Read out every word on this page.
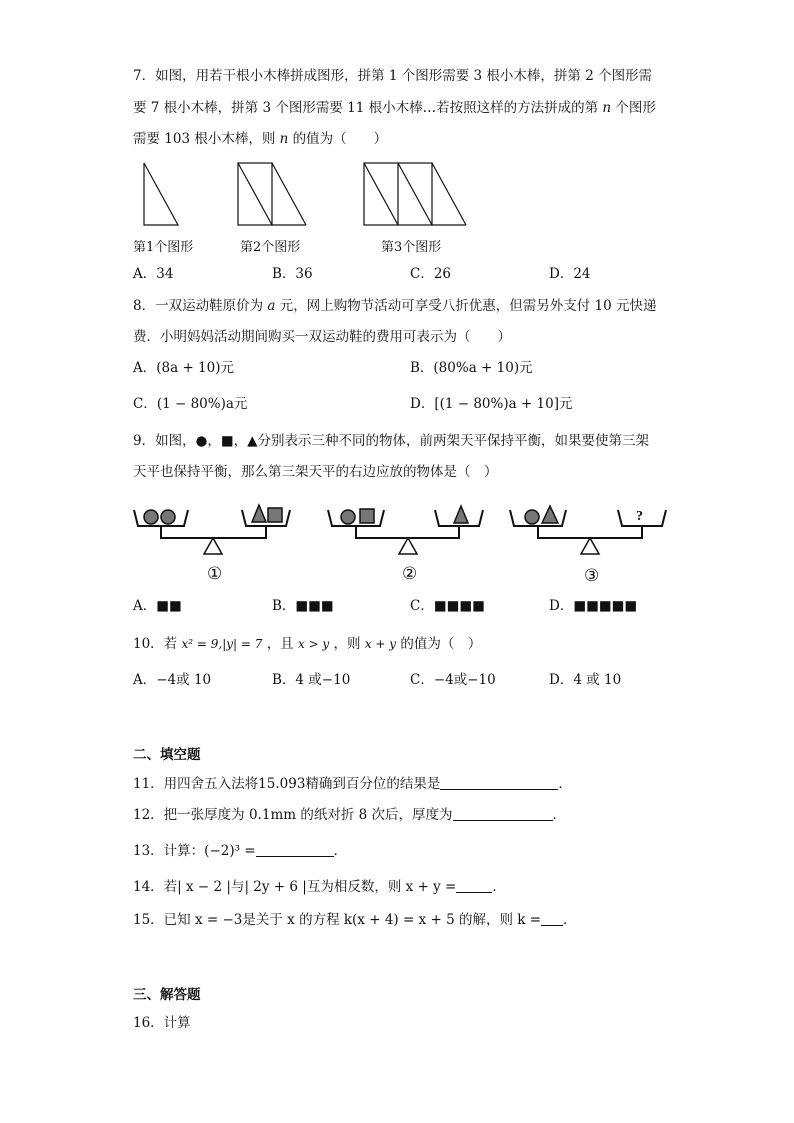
7．如图，用若干根小木棒拼成图形，拼第 1 个图形需要 3 根小木棒，拼第 2 个图形需
要 7 根小木棒，拼第 3 个图形需要 11 根小木棒…若按照这样的方法拼成的第 n 个图形
需要 103 根小木棒，则 n 的值为（　　）
第1个图形	第2个图形	第3个图形
A．34	B．36	C．26	D．24
8．一双运动鞋原价为 a 元，网上购物节活动可享受八折优惠，但需另外支付 10 元快递
费．小明妈妈活动期间购买一双运动鞋的费用可表示为（　　）
A．(8a + 10)元	B．(80%a + 10)元
C．(1 − 80%)a元	D．[(1 − 80%)a + 10]元
9．如图，●，■，▲分别表示三种不同的物体，前两架天平保持平衡，如果要使第三架
天平也保持平衡，那么第三架天平的右边应放的物体是（　）
?
①	②	③
A．■■	B．■■■	C．■■■■	D．■■■■■
10．若 x² = 9,|y| = 7 ，且 x > y ，则 x + y 的值为（　）
A．−4或 10	B．4 或−10	C．−4或−10	D．4 或 10
二、填空题
11．用四舍五入法将15.093精确到百分位的结果是	．
12．把一张厚度为 0.1mm 的纸对折 8 次后，厚度为	．
13．计算：(−2)³ =	．
14．若| x − 2 |与| 2y + 6 |互为相反数，则 x + y =	．
15．已知 x = −3是关于 x 的方程 k(x + 4) = x + 5 的解，则 k = ．
三、解答题
16．计算
